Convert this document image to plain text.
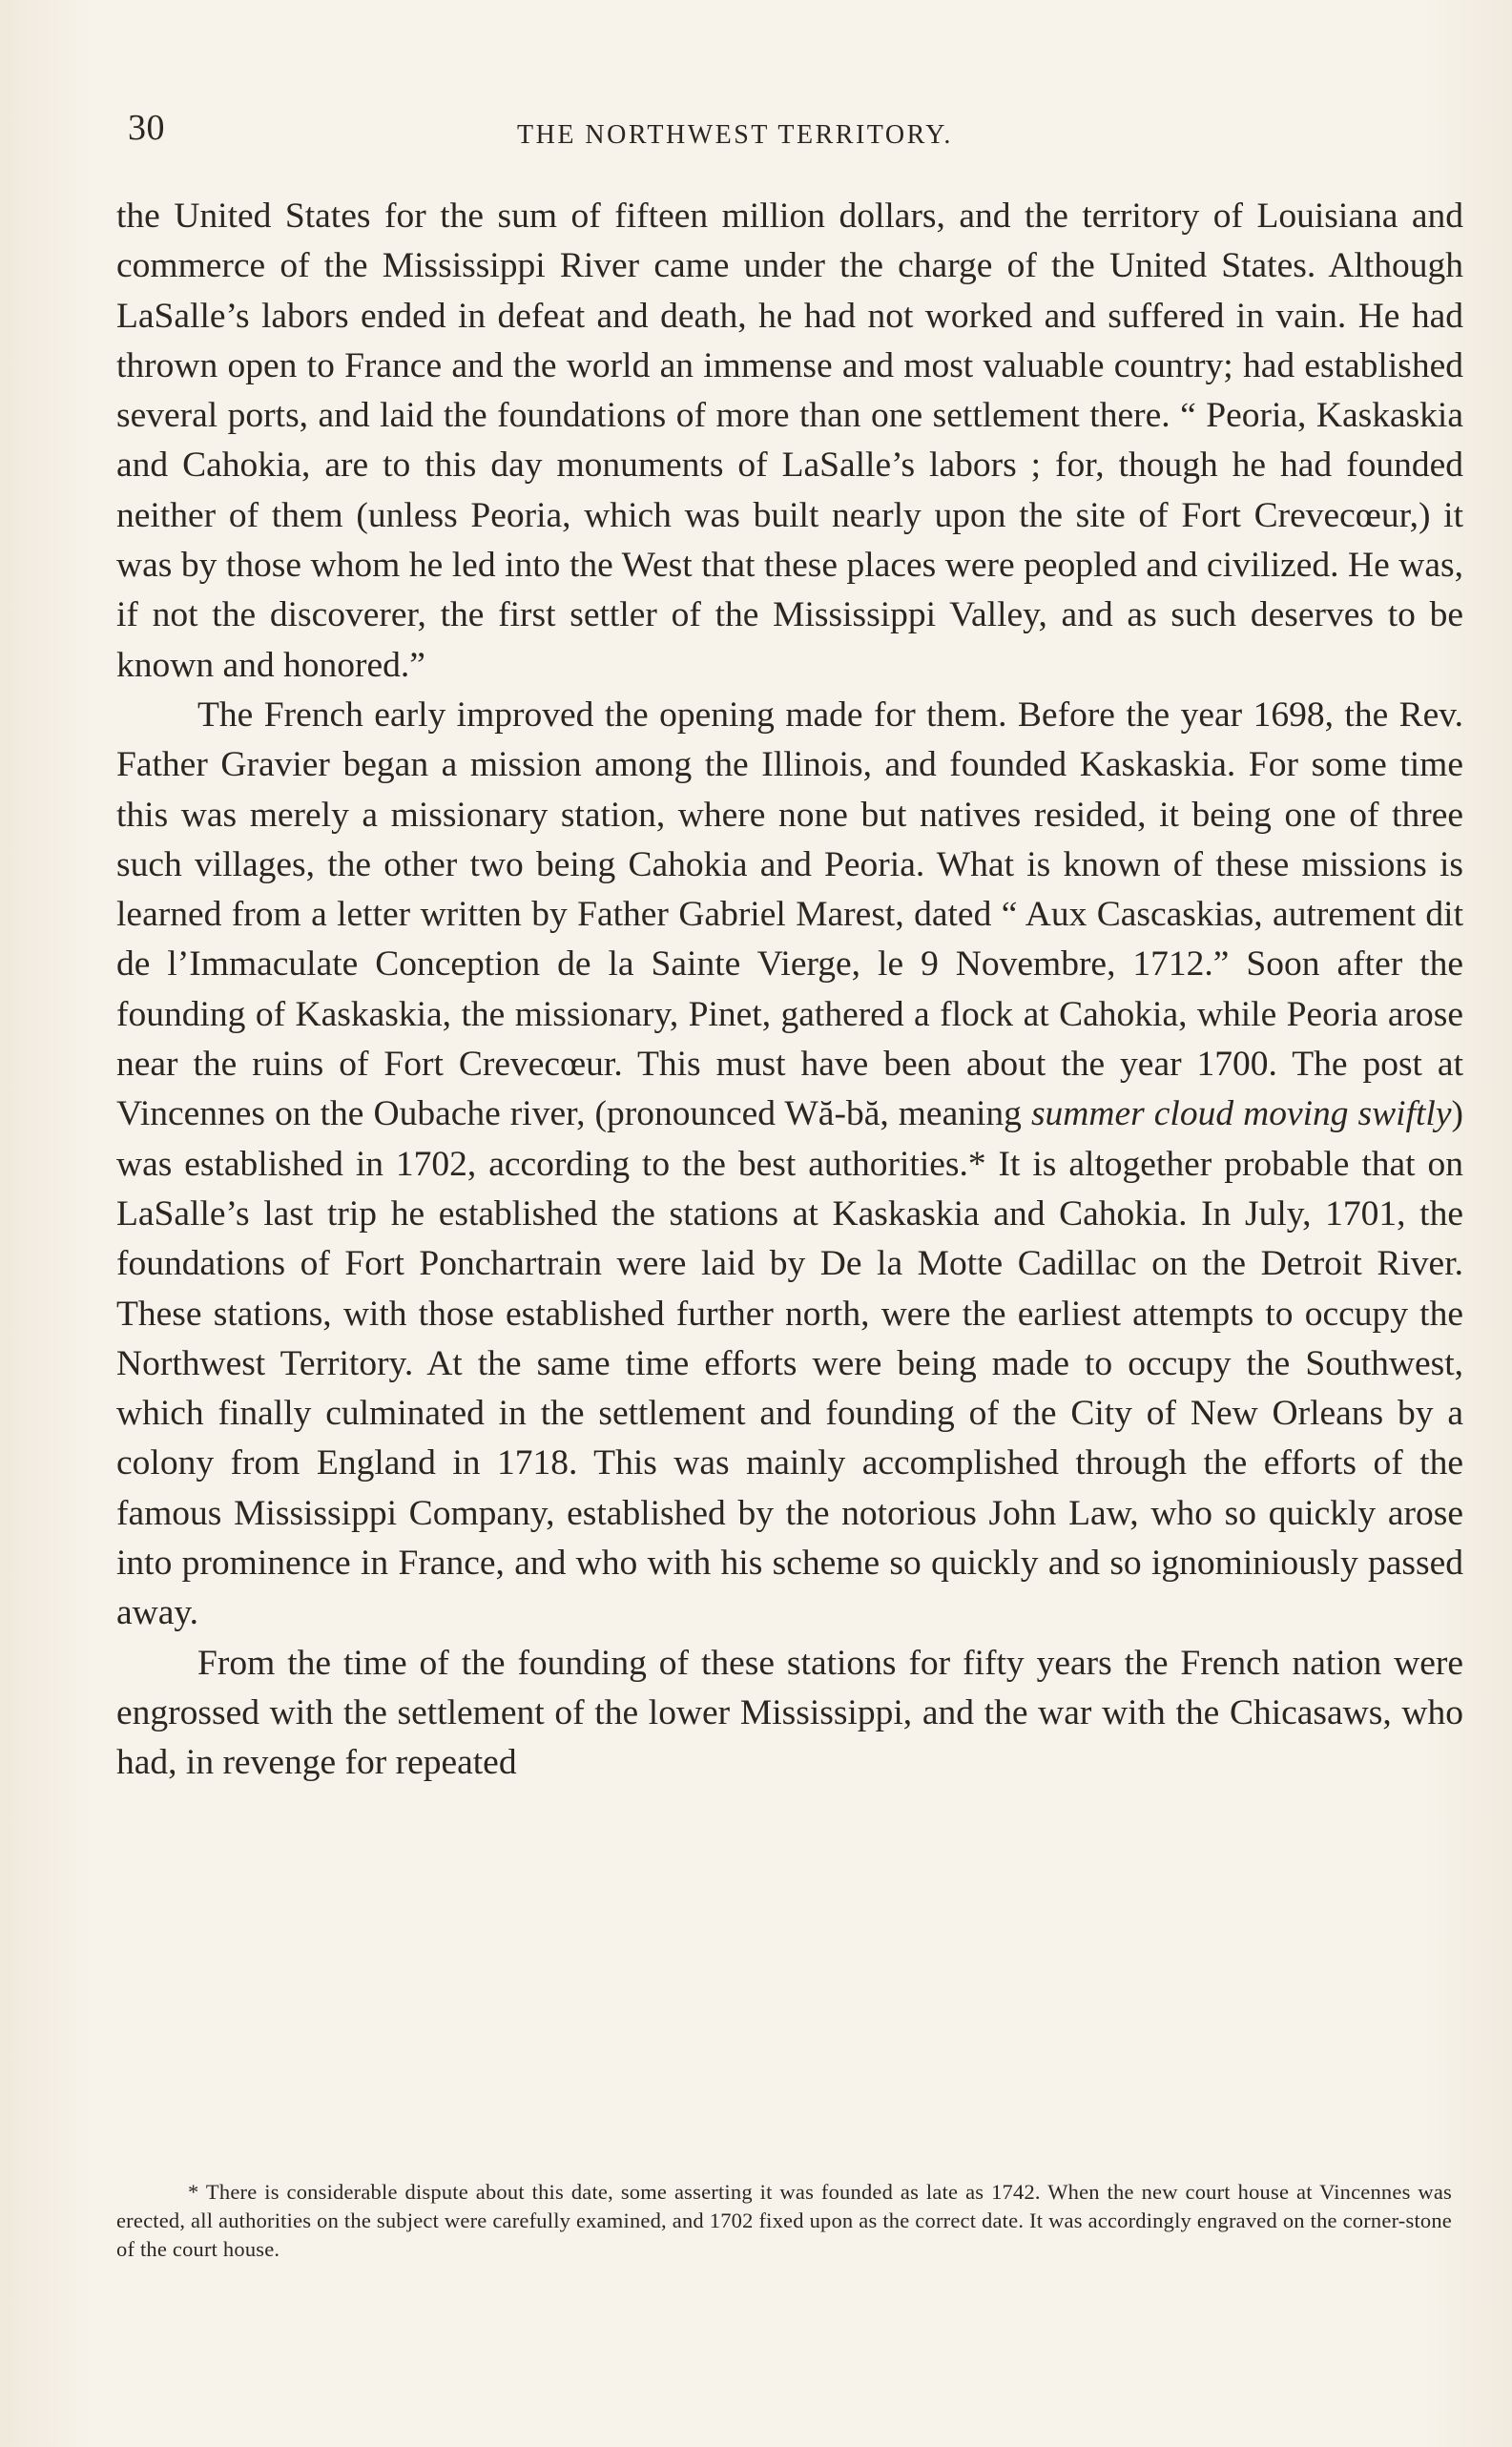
30	THE NORTHWEST TERRITORY.

the United States for the sum of fifteen million dollars, and the territory of Louisiana and commerce of the Mississippi River came under the charge of the United States. Although LaSalle’s labors ended in defeat and death, he had not worked and suffered in vain. He had thrown open to France and the world an immense and most valuable country; had established several ports, and laid the foundations of more than one settlement there. “ Peoria, Kaskaskia and Cahokia, are to this day monuments of LaSalle’s labors ; for, though he had founded neither of them (unless Peoria, which was built nearly upon the site of Fort Crevecœur,) it was by those whom he led into the West that these places were peopled and civilized. He was, if not the discoverer, the first settler of the Mississippi Valley, and as such deserves to be known and honored.”

The French early improved the opening made for them. Before the year 1698, the Rev. Father Gravier began a mission among the Illinois, and founded Kaskaskia. For some time this was merely a missionary station, where none but natives resided, it being one of three such villages, the other two being Cahokia and Peoria. What is known of these missions is learned from a letter written by Father Gabriel Marest, dated “ Aux Cascaskias, autrement dit de l’Immaculate Conception de la Sainte Vierge, le 9 Novembre, 1712.” Soon after the founding of Kaskaskia, the missionary, Pinet, gathered a flock at Cahokia, while Peoria arose near the ruins of Fort Crevecœur. This must have been about the year 1700. The post at Vincennes on the Oubache river, (pronounced Wă-bă, meaning summer cloud moving swiftly) was established in 1702, according to the best authorities.* It is altogether probable that on LaSalle’s last trip he established the stations at Kaskaskia and Cahokia. In July, 1701, the foundations of Fort Ponchartrain were laid by De la Motte Cadillac on the Detroit River. These stations, with those established further north, were the earliest attempts to occupy the Northwest Territory. At the same time efforts were being made to occupy the Southwest, which finally culminated in the settlement and founding of the City of New Orleans by a colony from England in 1718. This was mainly accomplished through the efforts of the famous Mississippi Company, established by the notorious John Law, who so quickly arose into prominence in France, and who with his scheme so quickly and so ignominiously passed away.

From the time of the founding of these stations for fifty years the French nation were engrossed with the settlement of the lower Mississippi, and the war with the Chicasaws, who had, in revenge for repeated

* There is considerable dispute about this date, some asserting it was founded as late as 1742. When the new court house at Vincennes was erected, all authorities on the subject were carefully examined, and 1702 fixed upon as the correct date. It was accordingly engraved on the corner-stone of the court house.
